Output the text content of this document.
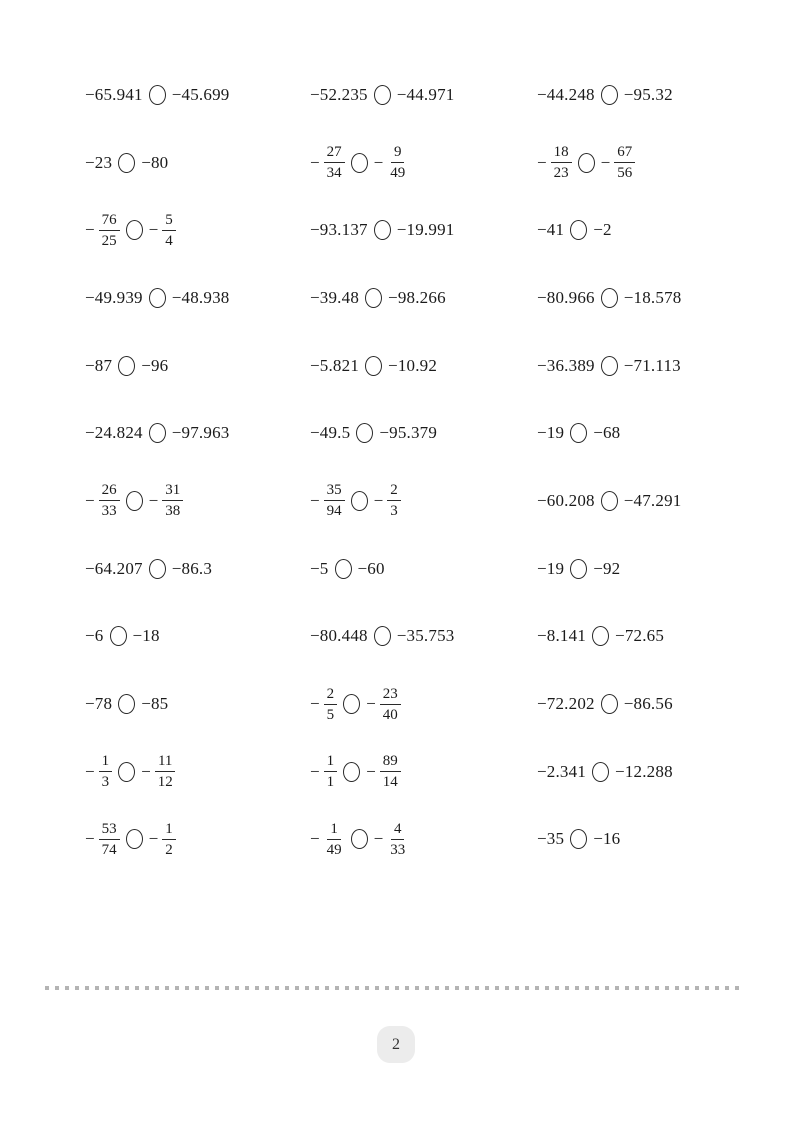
−65.941 −45.699	−52.235 −44.971	−44.248 −95.32
−23 −80	− $\frac{27}{34} - \frac{9}{49}$	− $\frac{18}{23} - \frac{67}{56}$
− $\frac{76}{25} - \frac{5}{4}$	−93.137 −19.991	−41 −2
−49.939 −48.938	−39.48 −98.266	−80.966 −18.578
−87 −96	−5.821 −10.92	−36.389 −71.113
−24.824 −97.963	−49.5 −95.379	−19 −68
− $\frac{26}{33} - \frac{31}{38}$	− $\frac{35}{94} - \frac{2}{3}$	−60.208 −47.291
−64.207 −86.3	−5 −60	−19 −92
−6 −18	−80.448 −35.753	−8.141 −72.65
−78 −85	− $\frac{2}{5} - \frac{23}{40}$	−72.202 −86.56
− $\frac{1}{3} - \frac{11}{12}$	− $\frac{1}{1} - \frac{89}{14}$	−2.341 −12.288
− $\frac{53}{74} - \frac{1}{2}$	− $\frac{1}{49} - \frac{4}{33}$	−35 −16
2
